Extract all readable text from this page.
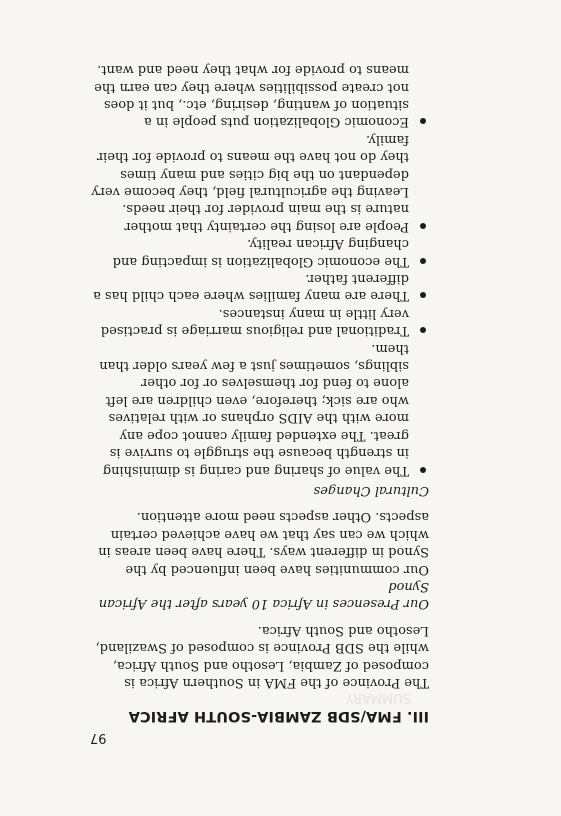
III. FMA/SDB ZAMBIA-SOUTH AFRICA

The Province of the FMA in Southern Africa is composed of Zambia, Lesotho and South Africa, while the SDB Province is composed of Swaziland, Lesotho and South Africa.

Our Presences in Africa 10 years after the African Synod

Our communities have been influenced by the Synod in different ways. There have been areas in which we can say that we have achieved certain aspects. Other aspects need more attention.

Cultural Changes

The value of sharing and caring is diminishing in strength because the struggle to survive is great. The extended family cannot cope any more with the AIDS orphans or with relatives who are sick; therefore, even children are left alone to fend for themselves or for other siblings, sometimes just a few years older than them.
Traditional and religious marriage is practised very little in many instances.
There are many families where each child has a different father.
The economic Globalization is impacting and changing African reality.
People are losing the certainty that mother nature is the main provider for their needs. Leaving the agricultural field, they become very dependant on the big cities and many times they do not have the means to provide for their family.
Economic Globalization puts people in a situation of wanting, desiring, etc., but it does not create possibilities where they can earn the means to provide for what they need and want.
SUMMARY
97
